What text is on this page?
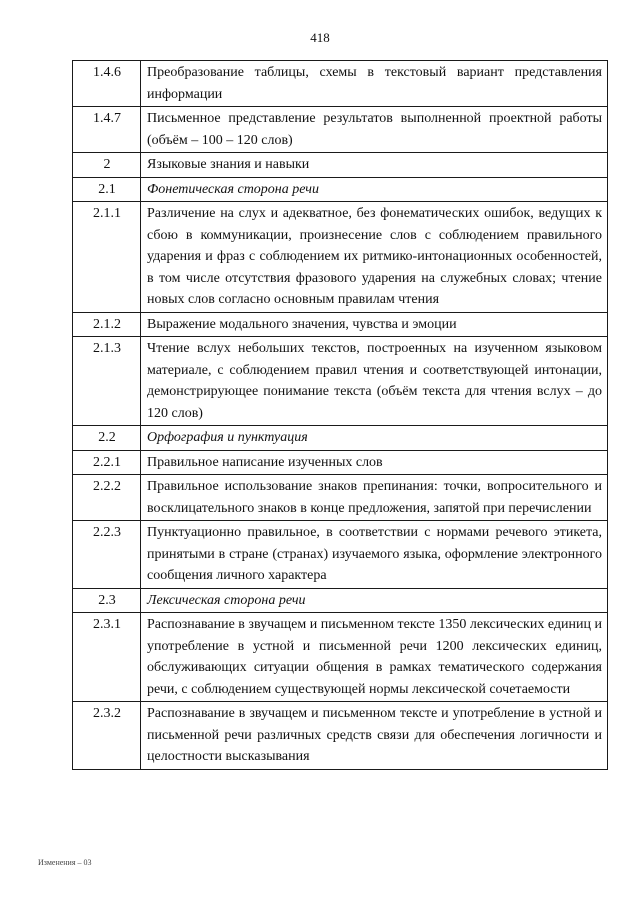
418
1.4.6	Преобразование таблицы, схемы в текстовый вариант представления информации
1.4.7	Письменное представление результатов выполненной проектной работы (объём – 100 – 120 слов)
2	Языковые знания и навыки
2.1	Фонетическая сторона речи
2.1.1	Различение на слух и адекватное, без фонематических ошибок, ведущих к сбою в коммуникации, произнесение слов с соблюдением правильного ударения и фраз с соблюдением их ритмико-интонационных особенностей, в том числе отсутствия фразового ударения на служебных словах; чтение новых слов согласно основным правилам чтения
2.1.2	Выражение модального значения, чувства и эмоции
2.1.3	Чтение вслух небольших текстов, построенных на изученном языковом материале, с соблюдением правил чтения и соответствующей интонации, демонстрирующее понимание текста (объём текста для чтения вслух – до 120 слов)
2.2	Орфография и пунктуация
2.2.1	Правильное написание изученных слов
2.2.2	Правильное использование знаков препинания: точки, вопросительного и восклицательного знаков в конце предложения, запятой при перечислении
2.2.3	Пунктуационно правильное, в соответствии с нормами речевого этикета, принятыми в стране (странах) изучаемого языка, оформление электронного сообщения личного характера
2.3	Лексическая сторона речи
2.3.1	Распознавание в звучащем и письменном тексте 1350 лексических единиц и употребление в устной и письменной речи 1200 лексических единиц, обслуживающих ситуации общения в рамках тематического содержания речи, с соблюдением существующей нормы лексической сочетаемости
2.3.2	Распознавание в звучащем и письменном тексте и употребление в устной и письменной речи различных средств связи для обеспечения логичности и целостности высказывания
Изменения – 03
